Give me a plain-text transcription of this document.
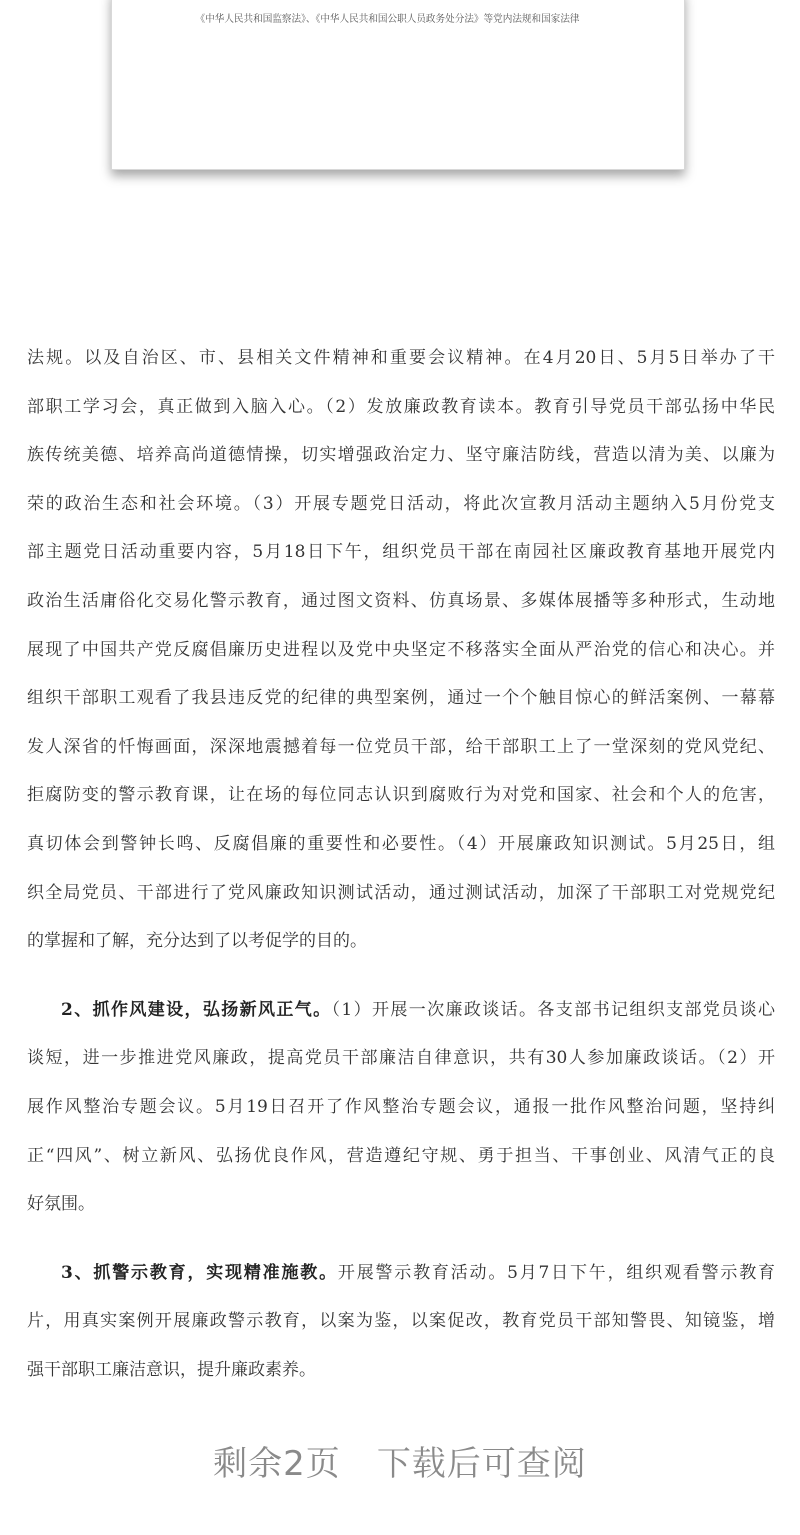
《中华人民共和国监察法》、《中华人民共和国公职人员政务处分法》等党内法规和国家法律

法规。以及自治区、市、县相关文件精神和重要会议精神。在4月20日、5月5日举办了干

部职工学习会，真正做到入脑入心。（2）发放廉政教育读本。教育引导党员干部弘扬中华民

族传统美德、培养高尚道德情操，切实增强政治定力、坚守廉洁防线，营造以清为美、以廉为

荣的政治生态和社会环境。（3）开展专题党日活动，将此次宣教月活动主题纳入5月份党支

部主题党日活动重要内容，5月18日下午，组织党员干部在南园社区廉政教育基地开展党内

政治生活庸俗化交易化警示教育，通过图文资料、仿真场景、多媒体展播等多种形式，生动地

展现了中国共产党反腐倡廉历史进程以及党中央坚定不移落实全面从严治党的信心和决心。并

组织干部职工观看了我县违反党的纪律的典型案例，通过一个个触目惊心的鲜活案例、一幕幕

发人深省的忏悔画面，深深地震撼着每一位党员干部，给干部职工上了一堂深刻的党风党纪、

拒腐防变的警示教育课，让在场的每位同志认识到腐败行为对党和国家、社会和个人的危害，

真切体会到警钟长鸣、反腐倡廉的重要性和必要性。（4）开展廉政知识测试。5月25日，组

织全局党员、干部进行了党风廉政知识测试活动，通过测试活动，加深了干部职工对党规党纪

的掌握和了解，充分达到了以考促学的目的。

2、抓作风建设，弘扬新风正气。（1）开展一次廉政谈话。各支部书记组织支部党员谈心

谈短，进一步推进党风廉政，提高党员干部廉洁自律意识，共有30人参加廉政谈话。（2）开

展作风整治专题会议。5月19日召开了作风整治专题会议，通报一批作风整治问题，坚持纠

正“四风”、树立新风、弘扬优良作风，营造遵纪守规、勇于担当、干事创业、风清气正的良

好氛围。

3、抓警示教育，实现精准施教。开展警示教育活动。5月7日下午，组织观看警示教育

片，用真实案例开展廉政警示教育，以案为鉴，以案促改，教育党员干部知警畏、知镜鉴，增

强干部职工廉洁意识，提升廉政素养。

剩余2页 下载后可查阅
